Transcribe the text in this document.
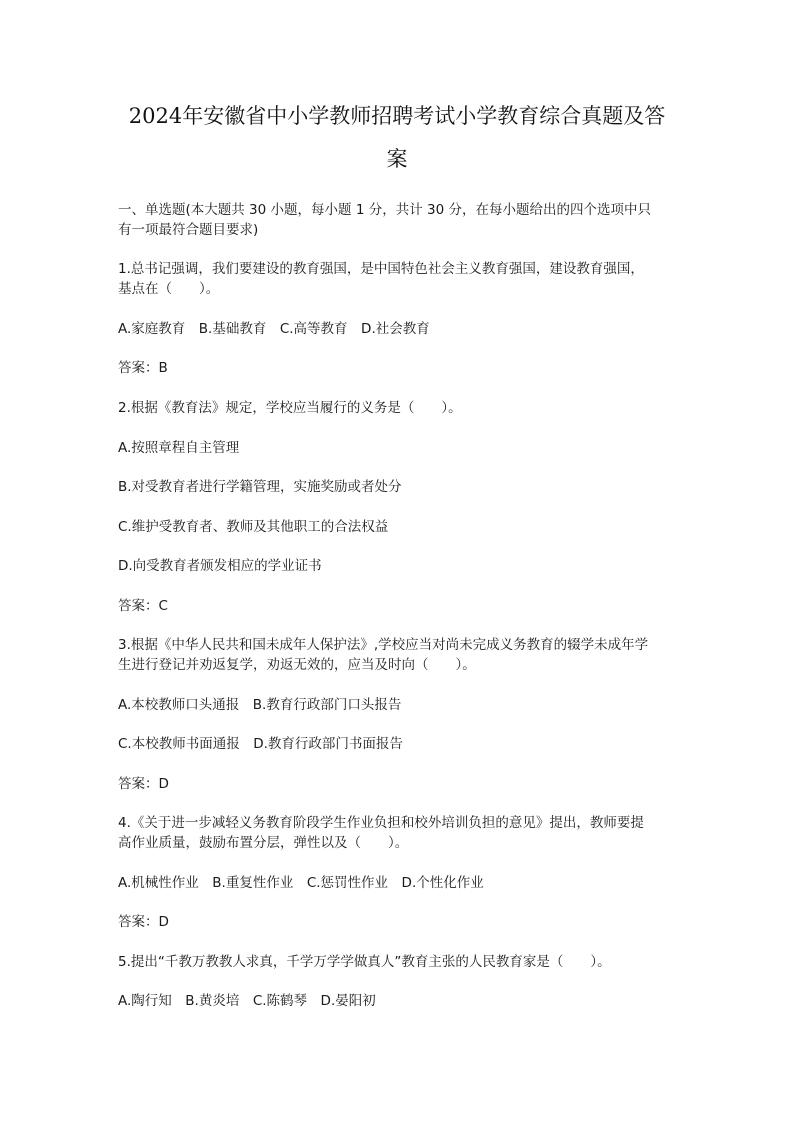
2024年安徽省中小学教师招聘考试小学教育综合真题及答
案
一、单选题(本大题共 30 小题，每小题 1 分，共计 30 分，在每小题给出的四个选项中只
有一项最符合题目要求)
1.总书记强调，我们要建设的教育强国，是中国特色社会主义教育强国，建设教育强国，
基点在（　　）。
A.家庭教育　B.基础教育　C.高等教育　D.社会教育
答案：B
2.根据《教育法》规定，学校应当履行的义务是（　　）。
A.按照章程自主管理
B.对受教育者进行学籍管理，实施奖励或者处分
C.维护受教育者、教师及其他职工的合法权益
D.向受教育者颁发相应的学业证书
答案：C
3.根据《中华人民共和国未成年人保护法》,学校应当对尚未完成义务教育的辍学未成年学
生进行登记并劝返复学，劝返无效的，应当及时向（　　）。
A.本校教师口头通报　B.教育行政部门口头报告
C.本校教师书面通报　D.教育行政部门书面报告
答案：D
4.《关于进一步减轻义务教育阶段学生作业负担和校外培训负担的意见》提出，教师要提
高作业质量，鼓励布置分层，弹性以及（　　）。
A.机械性作业　B.重复性作业　C.惩罚性作业　D.个性化作业
答案：D
5.提出“千教万教教人求真，千学万学学做真人”教育主张的人民教育家是（　　）。
A.陶行知　B.黄炎培　C.陈鹤琴　D.晏阳初
